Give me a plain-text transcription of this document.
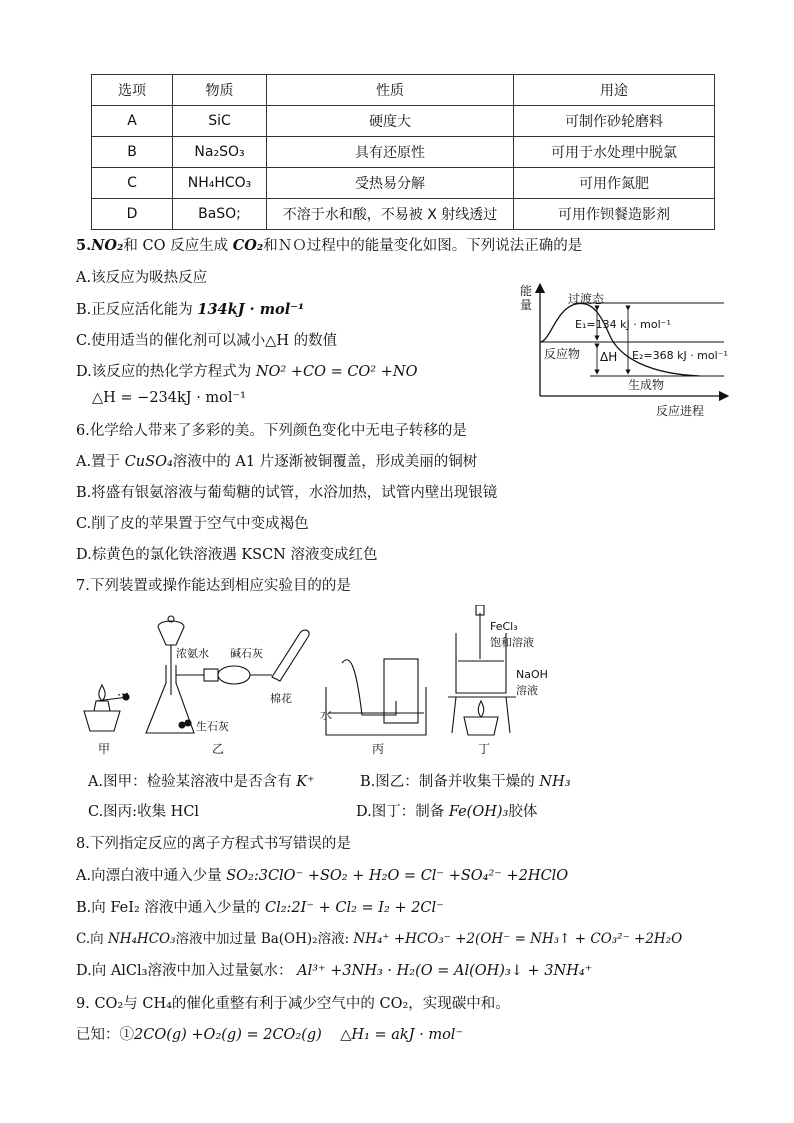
选项	物质	性质	用途
A	SiC	硬度大	可制作砂轮磨料
B	Na₂SO₃	具有还原性	可用于水处理中脱氯
C	NH₄HCO₃	受热易分解	可用作氮肥
D	BaSO;	不溶于水和酸，不易被 X 射线透过	可用作钡餐造影剂
5.NO₂和 CO 反应生成 CO₂和ＮＯ过程中的能量变化如图。下列说法正确的是
A.该反应为吸热反应
B.正反应活化能为 134kJ · mol⁻¹
C.使用适当的催化剂可以减小△H 的数值
D.该反应的热化学方程式为 NO² +CO = CO² +NO
△H = −234kJ · mol⁻¹
能
量	过渡态
E₁=134 kJ · mol⁻¹
反应物 ΔH E₂=368 kJ · mol⁻¹
生成物
反应进程
6.化学给人带来了多彩的美。下列颜色变化中无电子转移的是
A.置于 CuSO₄溶液中的 A1 片逐渐被铜覆盖，形成美丽的铜树
B.将盛有银氨溶液与葡萄糖的试管，水浴加热，试管内壁出现银镜
C.削了皮的苹果置于空气中变成褐色
D.棕黄色的氯化铁溶液遇 KSCN 溶液变成红色
7.下列装置或操作能达到相应实验目的的是
甲	乙	丙	丁
浓氨水 碱石灰
棉花
生石灰
水
FeCl₃
饱和溶液
NaOH
溶液
A.图甲：检验某溶液中是否含有 K⁺	B.图乙：制备并收集干燥的 NH₃
C.图丙:收集 HCl	D.图丁：制备 Fe(OH)₃胶体
8.下列指定反应的离子方程式书写错误的是
A.向漂白液中通入少量 SO₂:3ClO⁻ +SO₂ + H₂O = Cl⁻ +SO₄²⁻ +2HClO
B.向 FeI₂ 溶液中通入少量的 Cl₂:2I⁻ + Cl₂ = I₂ + 2Cl⁻
C.向 NH₄HCO₃溶液中加过量 Ba(OH)₂溶液: NH₄⁺ +HCO₃⁻ +2(OH⁻ = NH₃↑ + CO₃²⁻ +2H₂O
D.向 AlCl₃溶液中加入过量氨水： Al³⁺ +3NH₃ · H₂(O = Al(OH)₃↓ + 3NH₄⁺
9. CO₂与 CH₄的催化重整有利于减少空气中的 CO₂，实现碳中和。
已知：①2CO(g) +O₂(g) = 2CO₂(g) △H₁ = akJ · mol⁻
